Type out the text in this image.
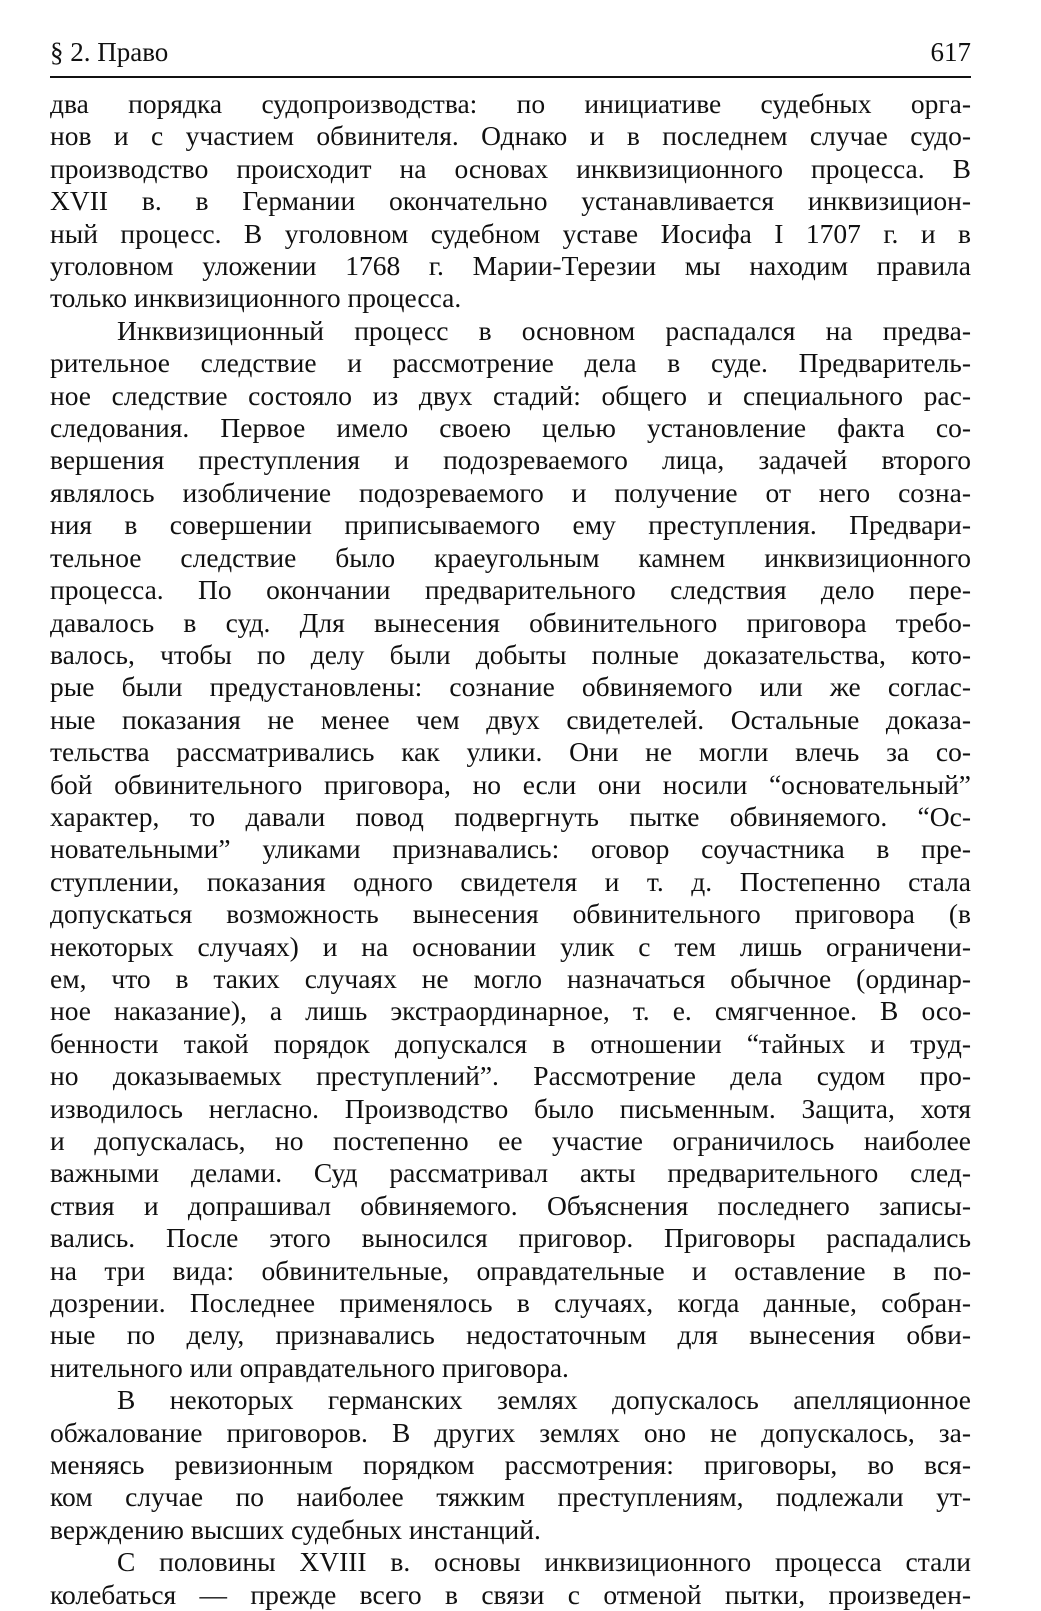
§ 2. Право	617
два порядка судопроизводства: по инициативе судебных орга-
нов и с участием обвинителя. Однако и в последнем случае судо-
производство происходит на основах инквизиционного процесса. В
XVII в. в Германии окончательно устанавливается инквизицион-
ный процесс. В уголовном судебном уставе Иосифа I 1707 г. и в
уголовном уложении 1768 г. Марии-Терезии мы находим правила
только инквизиционного процесса.
Инквизиционный процесс в основном распадался на предва-
рительное следствие и рассмотрение дела в суде. Предваритель-
ное следствие состояло из двух стадий: общего и специального рас-
следования. Первое имело своею целью установление факта со-
вершения преступления и подозреваемого лица, задачей второго
являлось изобличение подозреваемого и получение от него созна-
ния в совершении приписываемого ему преступления. Предвари-
тельное следствие было краеугольным камнем инквизиционного
процесса. По окончании предварительного следствия дело пере-
давалось в суд. Для вынесения обвинительного приговора требо-
валось, чтобы по делу были добыты полные доказательства, кото-
рые были предустановлены: сознание обвиняемого или же соглас-
ные показания не менее чем двух свидетелей. Остальные доказа-
тельства рассматривались как улики. Они не могли влечь за со-
бой обвинительного приговора, но если они носили “основательный”
характер, то давали повод подвергнуть пытке обвиняемого. “Ос-
новательными” уликами признавались: оговор соучастника в пре-
ступлении, показания одного свидетеля и т. д. Постепенно стала
допускаться возможность вынесения обвинительного приговора (в
некоторых случаях) и на основании улик с тем лишь ограничени-
ем, что в таких случаях не могло назначаться обычное (ординар-
ное наказание), а лишь экстраординарное, т. е. смягченное. В осо-
бенности такой порядок допускался в отношении “тайных и труд-
но доказываемых преступлений”. Рассмотрение дела судом про-
изводилось негласно. Производство было письменным. Защита, хотя
и допускалась, но постепенно ее участие ограничилось наиболее
важными делами. Суд рассматривал акты предварительного след-
ствия и допрашивал обвиняемого. Объяснения последнего записы-
вались. После этого выносился приговор. Приговоры распадались
на три вида: обвинительные, оправдательные и оставление в по-
дозрении. Последнее применялось в случаях, когда данные, собран-
ные по делу, признавались недостаточным для вынесения обви-
нительного или оправдательного приговора.
В некоторых германских землях допускалось апелляционное
обжалование приговоров. В других землях оно не допускалось, за-
меняясь ревизионным порядком рассмотрения: приговоры, во вся-
ком случае по наиболее тяжким преступлениям, подлежали ут-
верждению высших судебных инстанций.
С половины XVIII в. основы инквизиционного процесса стали
колебаться — прежде всего в связи с отменой пытки, произведен-
